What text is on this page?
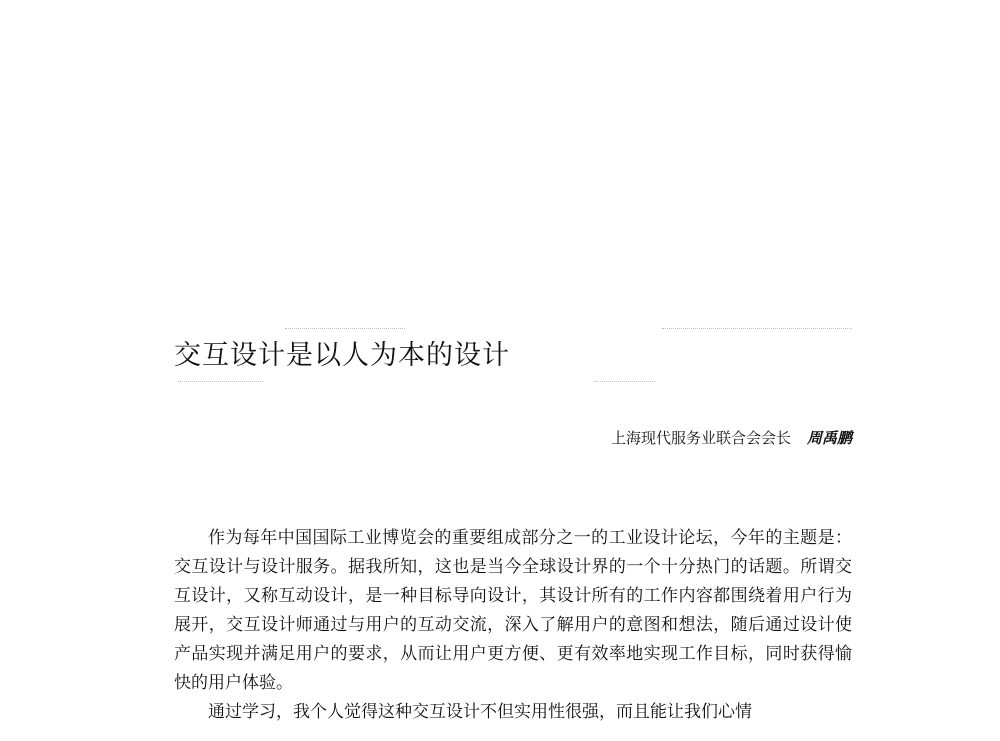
交互设计是以人为本的设计
上海现代服务业联合会会长 周禹鹏

作为每年中国国际工业博览会的重要组成部分之一的工业设计论坛，今年的主题是：交互设计与设计服务。据我所知，这也是当今全球设计界的一个十分热门的话题。所谓交互设计，又称互动设计，是一种目标导向设计，其设计所有的工作内容都围绕着用户行为展开，交互设计师通过与用户的互动交流，深入了解用户的意图和想法，随后通过设计使产品实现并满足用户的要求，从而让用户更方便、更有效率地实现工作目标，同时获得愉快的用户体验。

通过学习，我个人觉得这种交互设计不但实用性很强，而且能让我们心情
